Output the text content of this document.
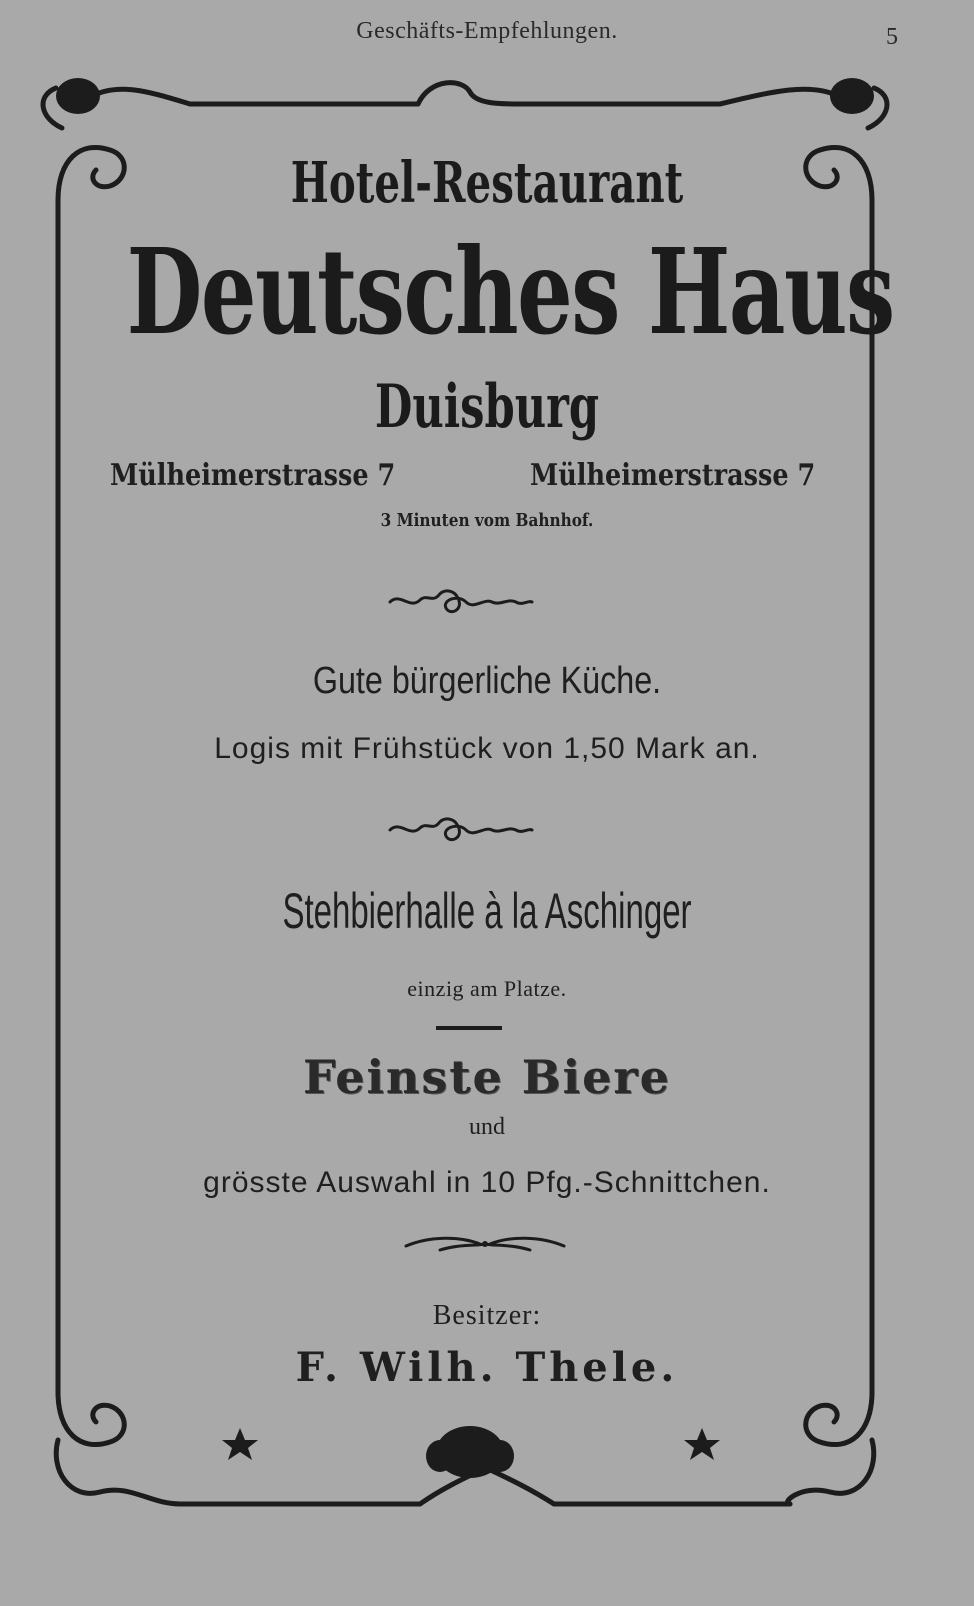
Geschäfts-Empfehlungen.	5
Hotel-Restaurant
Deutsches Haus
Duisburg
Mülheimerstrasse 7	Mülheimerstrasse 7
3 Minuten vom Bahnhof.
Gute bürgerliche Küche.
Logis mit Frühstück von 1,50 Mark an.
Stehbierhalle à la Aschinger
einzig am Platze.
Feinste Biere
und
grösste Auswahl in 10 Pfg.-Schnittchen.
Besitzer:
F. Wilh. Thele.
